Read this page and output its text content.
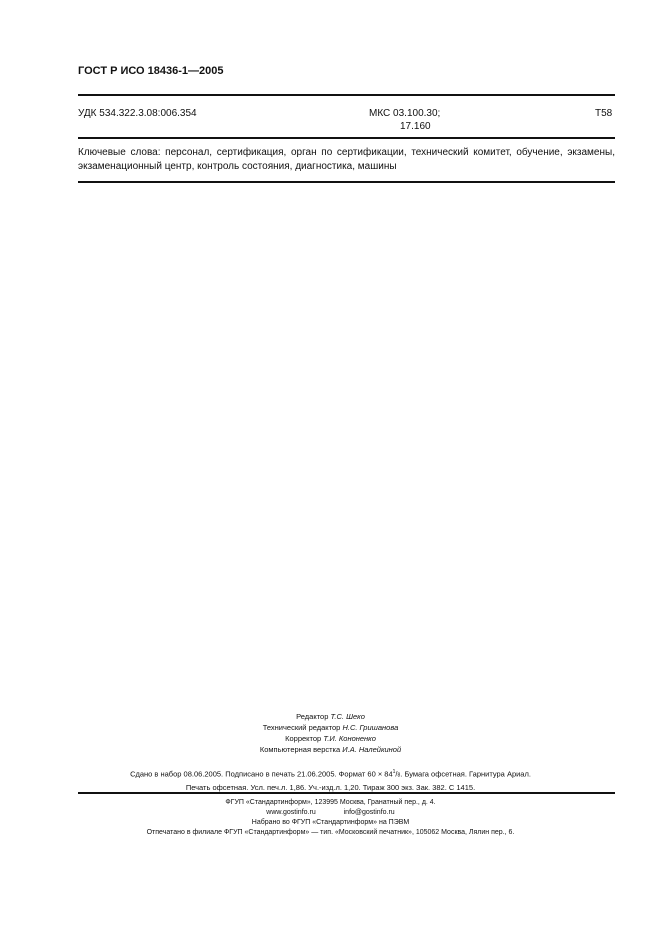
ГОСТ Р ИСО 18436-1—2005
УДК 534.322.3.08:006.354	МКС 03.100.30;
17.160
Т58
Ключевые слова: персонал, сертификация, орган по сертификации, технический комитет, обучение, экзамены, экзаменационный центр, контроль состояния, диагностика, машины
Редактор Т.С. Шеко
Технический редактор Н.С. Гришанова
Корректор Т.И. Кононенко
Компьютерная верстка И.А. Налейкиной
Сдано в набор 08.06.2005. Подписано в печать 21.06.2005. Формат $60 \times 84^1/8$. Бумага офсетная. Гарнитура Ариал.
Печать офсетная. Усл. печ.л. 1,86. Уч.-изд.л. 1,20. Тираж 300 экз. Зак. 382. С 1415.
ФГУП «Стандартинформ», 123995 Москва, Гранатный пер., д. 4.
www.gostinfo.ru	info@gostinfo.ru
Набрано во ФГУП «Стандартинформ» на ПЭВМ
Отпечатано в филиале ФГУП «Стандартинформ» — тип. «Московский печатник», 105062 Москва, Лялин пер., 6.
